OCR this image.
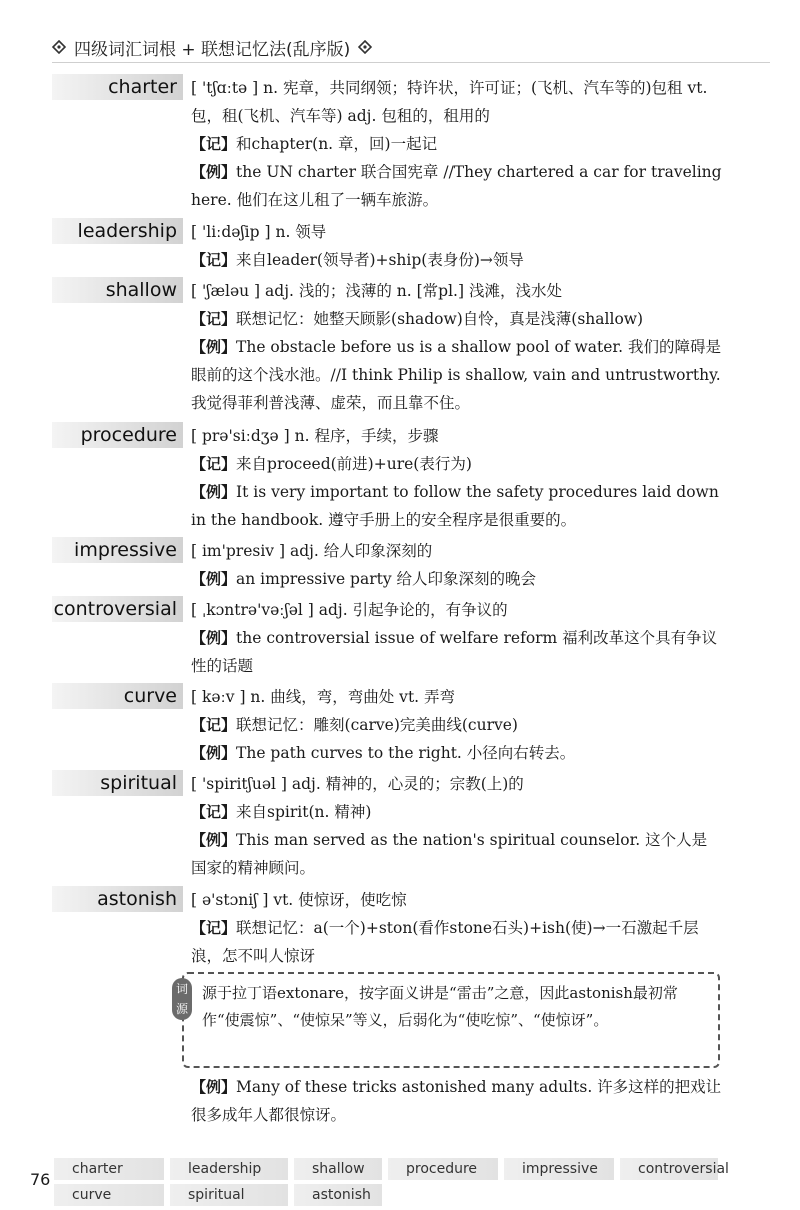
四级词汇词根 + 联想记忆法(乱序版)
charter [ 'tʃɑːtə ] n. 宪章，共同纲领；特许状，许可证；(飞机、汽车等的)包租 vt. 包，租(飞机、汽车等) adj. 包租的，租用的
【记】和chapter(n. 章，回)一起记
【例】the UN charter 联合国宪章 //They chartered a car for traveling here. 他们在这儿租了一辆车旅游。
leadership [ 'liːdəʃip ] n. 领导
【记】来自leader(领导者)+ship(表身份)→领导
shallow [ 'ʃæləu ] adj. 浅的；浅薄的 n. [常pl.] 浅滩，浅水处
【记】联想记忆：她整天顾影(shadow)自怜，真是浅薄(shallow)
【例】The obstacle before us is a shallow pool of water. 我们的障碍是眼前的这个浅水池。//I think Philip is shallow, vain and untrustworthy. 我觉得菲利普浅薄、虚荣，而且靠不住。
procedure [ prə'siːdʒə ] n. 程序，手续，步骤
【记】来自proceed(前进)+ure(表行为)
【例】It is very important to follow the safety procedures laid down in the handbook. 遵守手册上的安全程序是很重要的。
impressive [ im'presiv ] adj. 给人印象深刻的
【例】an impressive party 给人印象深刻的晚会
controversial [ ˌkɔntrə'vəːʃəl ] adj. 引起争论的，有争议的
【例】the controversial issue of welfare reform 福利改革这个具有争议性的话题
curve [ kəːv ] n. 曲线，弯，弯曲处 vt. 弄弯
【记】联想记忆：雕刻(carve)完美曲线(curve)
【例】The path curves to the right. 小径向右转去。
spiritual [ 'spiritʃuəl ] adj. 精神的，心灵的；宗教(上)的
【记】来自spirit(n. 精神)
【例】This man served as the nation's spiritual counselor. 这个人是国家的精神顾问。
astonish [ ə'stɔniʃ ] vt. 使惊讶，使吃惊
【记】联想记忆：a(一个)+ston(看作stone石头)+ish(使)→一石激起千层浪，怎不叫人惊讶
词
源
源于拉丁语extonare，按字面义讲是“雷击”之意，因此astonish最初常作“使震惊”、“使惊呆”等义，后弱化为“使吃惊”、“使惊讶”。
【例】Many of these tricks astonished many adults. 许多这样的把戏让很多成年人都很惊讶。
76
charter	leadership	shallow	procedure	impressive	controversial
curve	spiritual	astonish
